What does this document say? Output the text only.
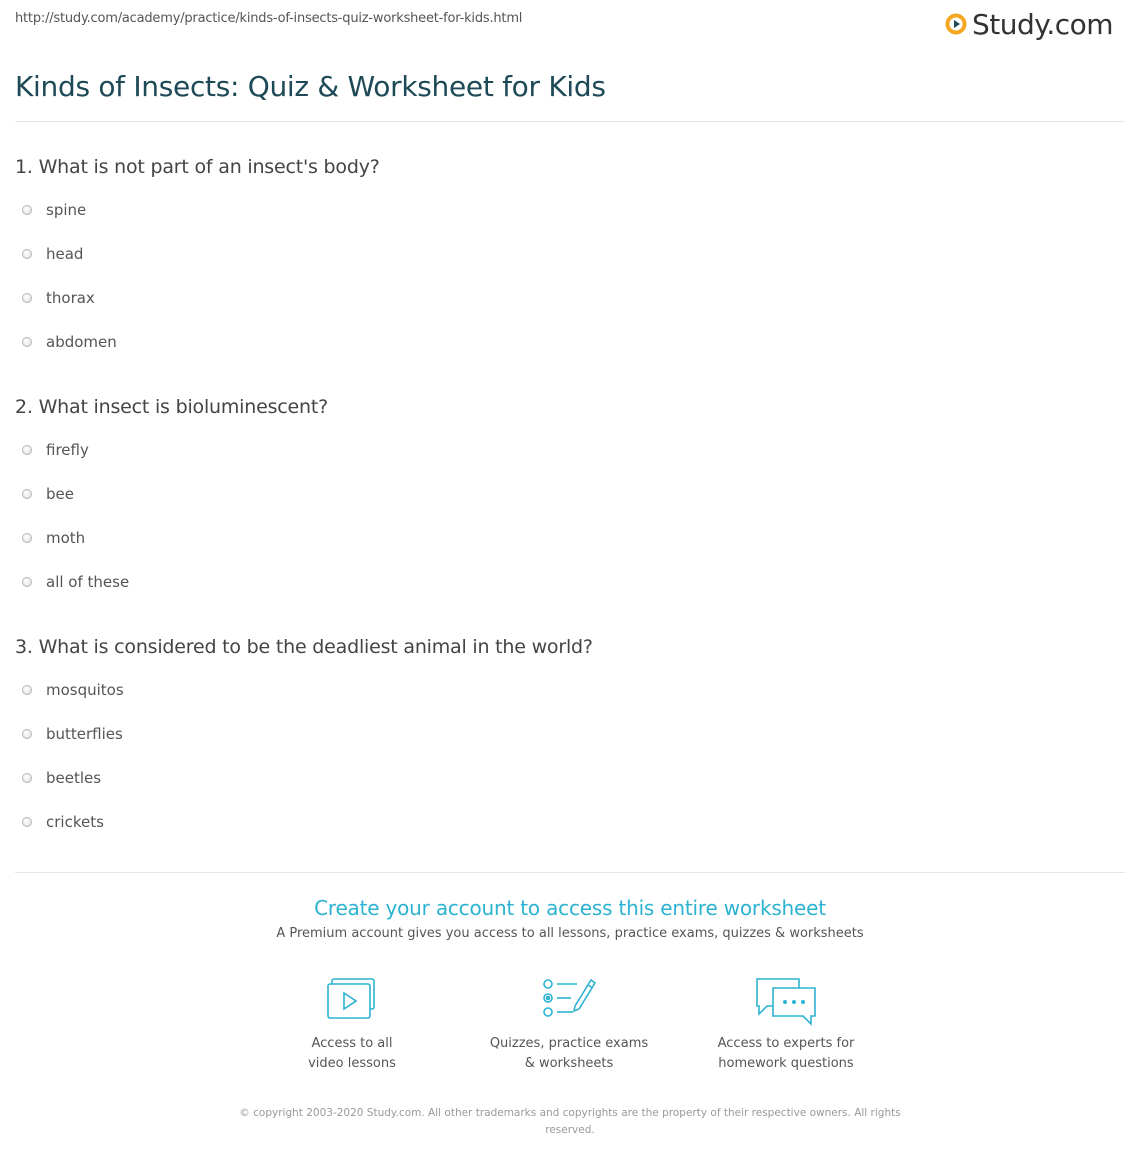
http://study.com/academy/practice/kinds-of-insects-quiz-worksheet-for-kids.html	Study.com
Kinds of Insects: Quiz & Worksheet for Kids
1. What is not part of an insect's body?
spine
head
thorax
abdomen
2. What insect is bioluminescent?
firefly
bee
moth
all of these
3. What is considered to be the deadliest animal in the world?
mosquitos
butterflies
beetles
crickets
Create your account to access this entire worksheet
A Premium account gives you access to all lessons, practice exams, quizzes & worksheets
Access to all
video lessons
Quizzes, practice exams
& worksheets
Access to experts for
homework questions
© copyright 2003-2020 Study.com. All other trademarks and copyrights are the property of their respective owners. All rights reserved.
